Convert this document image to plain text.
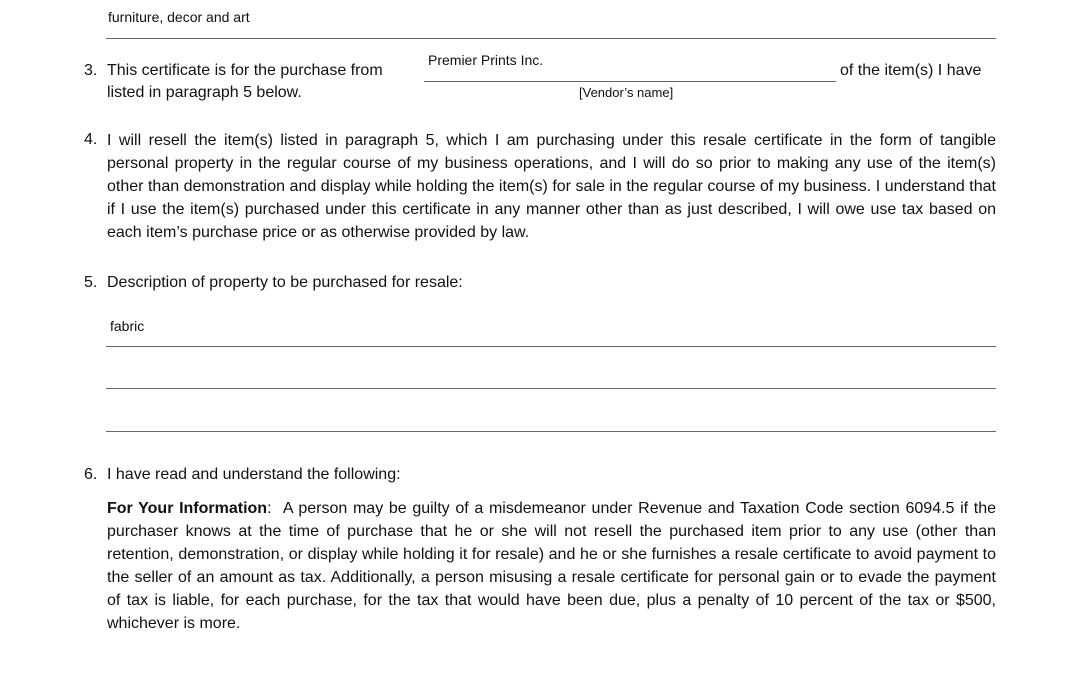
furniture, decor and art
3. This certificate is for the purchase from
Premier Prints Inc.
of the item(s) I have
listed in paragraph 5 below.	[Vendor’s name]
4. I will resell the item(s) listed in paragraph 5, which I am purchasing under this resale certificate in the form of tangible personal property in the regular course of my business operations, and I will do so prior to making any use of the item(s) other than demonstration and display while holding the item(s) for sale in the regular course of my business. I understand that if I use the item(s) purchased under this certificate in any manner other than as just described, I will owe use tax based on each item’s purchase price or as otherwise provided by law.
5. Description of property to be purchased for resale:
fabric
6. I have read and understand the following:
For Your Information: A person may be guilty of a misdemeanor under Revenue and Taxation Code section 6094.5 if the purchaser knows at the time of purchase that he or she will not resell the purchased item prior to any use (other than retention, demonstration, or display while holding it for resale) and he or she furnishes a resale certificate to avoid payment to the seller of an amount as tax. Additionally, a person misusing a resale certificate for personal gain or to evade the payment of tax is liable, for each purchase, for the tax that would have been due, plus a penalty of 10 percent of the tax or $500, whichever is more.
